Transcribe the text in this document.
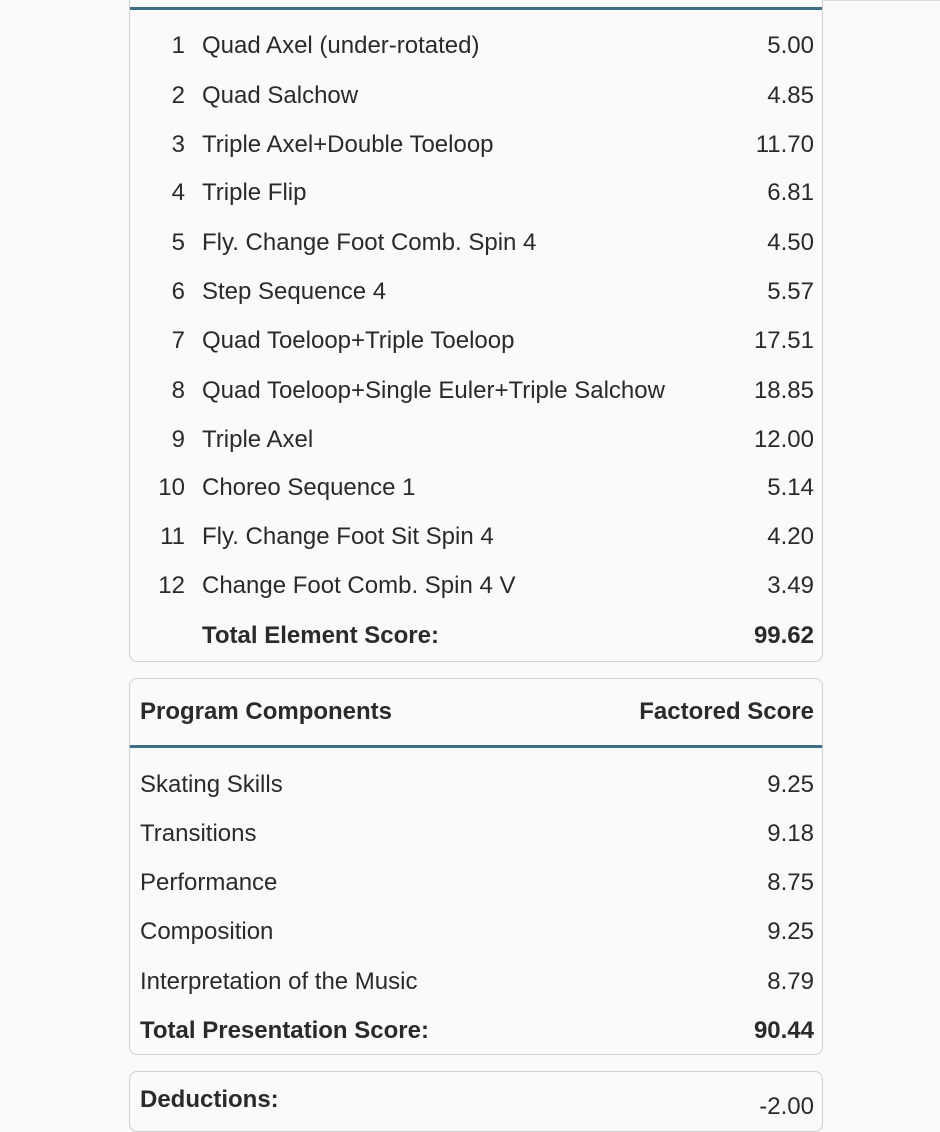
1 Quad Axel (under-rotated)	5.00
2 Quad Salchow	4.85
3 Triple Axel+Double Toeloop	11.70
4 Triple Flip	6.81
5 Fly. Change Foot Comb. Spin 4	4.50
6 Step Sequence 4	5.57
7 Quad Toeloop+Triple Toeloop	17.51
8 Quad Toeloop+Single Euler+Triple Salchow	18.85
9 Triple Axel	12.00
10 Choreo Sequence 1	5.14
11 Fly. Change Foot Sit Spin 4	4.20
12 Change Foot Comb. Spin 4 V	3.49
Total Element Score:	99.62
Program Components	Factored Score
Skating Skills	9.25
Transitions	9.18
Performance	8.75
Composition	9.25
Interpretation of the Music	8.79
Total Presentation Score:	90.44
Deductions:	-2.00
